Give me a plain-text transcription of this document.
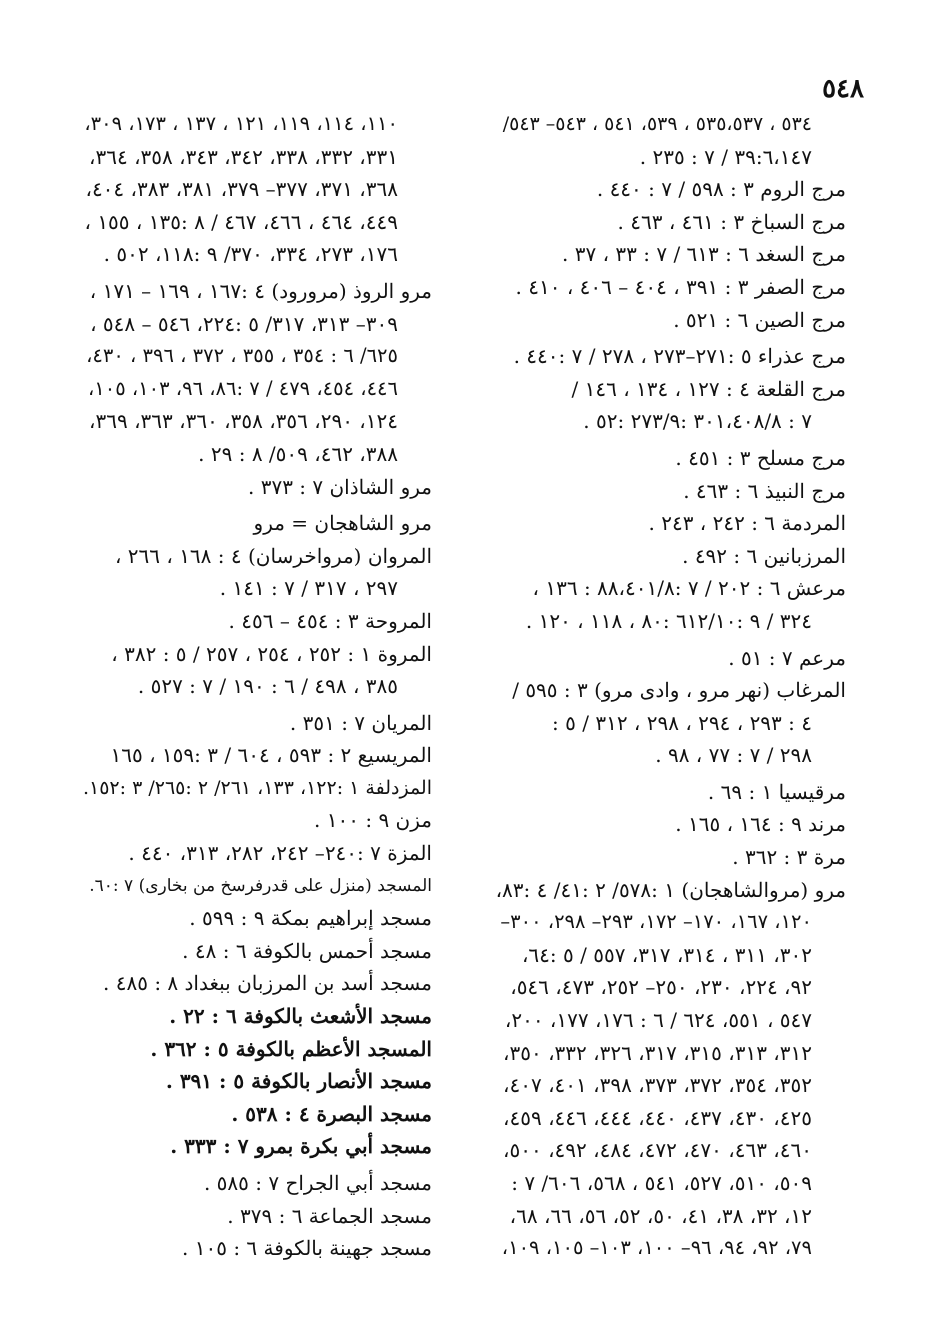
٥٤٨
٥٣٤ ، ٥٣٥،٥٣٧ ، ٥٣٩، ٥٤١ ، ٥٤٣– ٥٤٣/
٣٩:٦،١٤٧ / ٧ : ٢٣٥ .
مرج الروم ٣ : ٥٩٨ / ٧ : ٤٤٠ .
مرج السباخ ٣ : ٤٦١ ، ٤٦٣ .
مرج السغد ٦ : ٦١٣ / ٧ : ٣٣ ، ٣٧ .
مرج الصفر ٣ : ٣٩١ ، ٤٠٤ – ٤٠٦ ، ٤١٠ .
مرج الصين ٦ : ٥٢١ .
مرج عذراء ٥ :٢٧١–٢٧٣ ، ٢٧٨ / ٧ :٤٤٠ .
مرج القلعة ٤ : ١٢٧ ، ١٣٤ ، ١٤٦ /
٧ : ٣٠١،٤٠٨/٨ :٢٧٣/٩ :٥٢ .
مرج مسلح ٣ : ٤٥١ .
مرج النبيذ ٦ : ٤٦٣ .
المردمة ٦ : ٢٤٢ ، ٢٤٣ .
المرزبانين ٦ : ٤٩٢ .
مرعش ٦ : ٢٠٢ / ٧ :٨٨،٤٠١/٨ : ١٣٦ ،
٣٢٤ / ٩ :٦١٢/١٠ :٨٠ ، ١١٨ ، ١٢٠ .
مرعم ٧ : ٥١ .
المرغاب (نهر مرو ، وادى مرو) ٣ : ٥٩٥ /
٤ : ٢٩٣ ، ٢٩٤ ، ٢٩٨ ، ٣١٢ / ٥ :
٢٩٨ / ٧ : ٧٧ ، ٩٨ .
مرقيسيا ١ : ٦٩ .
مرند ٩ : ١٦٤ ، ١٦٥ .
مرة ٣ : ٣٦٢ .
مرو (مروالشاهجان) ١ :٥٧٨/ ٢ :٤١/ ٤ :٨٣،
١٢٠، ١٦٧، ١٧٠– ١٧٢، ٢٩٣– ٢٩٨، ٣٠٠–
٣٠٢، ٣١١ ، ٣١٤، ٣١٧، ٥٥٧ / ٥ :٦٤،
٩٢، ٢٢٤، ٢٣٠، ٢٥٠– ٢٥٢، ٤٧٣، ٥٤٦،
٥٤٧ ، ٥٥١، ٦٢٤ / ٦ : ١٧٦، ١٧٧، ٢٠٠،
٣١٢، ٣١٣، ٣١٥، ٣١٧، ٣٢٦، ٣٣٢، ٣٥٠،
٣٥٢، ٣٥٤، ٣٧٢، ٣٧٣، ٣٩٨، ٤٠١، ٤٠٧،
٤٢٥، ٤٣٠، ٤٣٧، ٤٤٠، ٤٤٤، ٤٤٦، ٤٥٩،
٤٦٠، ٤٦٣، ٤٧٠، ٤٧٢، ٤٨٤، ٤٩٢، ٥٠٠،
٥٠٩، ٥١٠، ٥٢٧، ٥٤١ ، ٥٦٨، ٦٠٦/ ٧ :
١٢، ٣٢، ٣٨، ٤١، ٥٠، ٥٢، ٥٦، ٦٦، ٦٨،
٧٩، ٩٢، ٩٤، ٩٦– ١٠٠، ١٠٣– ١٠٥، ١٠٩،
١١٠، ١١٤، ١١٩، ١٢١ ، ١٣٧ ، ١٧٣، ٣٠٩،
٣٣١، ٣٣٢، ٣٣٨، ٣٤٢، ٣٤٣، ٣٥٨، ٣٦٤،
٣٦٨، ٣٧١، ٣٧٧– ٣٧٩، ٣٨١، ٣٨٣، ٤٠٤،
٤٤٩، ٤٦٤ ، ٤٦٦، ٤٦٧ / ٨ :١٣٥ ، ١٥٥ ،
١٧٦، ٢٧٣، ٣٣٤، ٣٧٠/ ٩ :١١٨، ٥٠٢ .
مرو الروذ (مرورود) ٤ :١٦٧ ، ١٦٩ – ١٧١ ،
٣٠٩– ٣١٣، ٣١٧/ ٥ :٢٢٤، ٥٤٦ – ٥٤٨ ،
٦٢٥/ ٦ : ٣٥٤ ، ٣٥٥ ، ٣٧٢ ، ٣٩٦ ، ٤٣٠،
٤٤٦، ٤٥٤، ٤٧٩ / ٧ :٨٦، ٩٦، ١٠٣، ١٠٥،
١٢٤، ٢٩٠، ٣٥٦، ٣٥٨، ٣٦٠، ٣٦٣، ٣٦٩،
٣٨٨، ٤٦٢، ٥٠٩/ ٨ : ٢٩ .
مرو الشاذان ٧ : ٣٧٣ .
مرو الشاهجان = مرو
المروان (مرواخرسان) ٤ : ١٦٨ ، ٢٦٦ ،
٢٩٧ ، ٣١٧ / ٧ : ١٤١ .
المروحة ٣ : ٤٥٤ – ٤٥٦ .
المروة ١ : ٢٥٢ ، ٢٥٤ ، ٢٥٧ / ٥ : ٣٨٢ ،
٣٨٥ ، ٤٩٨ / ٦ : ١٩٠ / ٧ : ٥٢٧ .
المريان ٧ : ٣٥١ .
المريسيع ٢ : ٥٩٣ ، ٦٠٤ / ٣ :١٥٩ ، ١٦٥
المزدلفة ١ :١٢٢، ١٣٣، ٢٦١/ ٢ :٢٦٥/ ٣ :١٥٢.
مزن ٩ : ١٠٠ .
المزة ٧ :٢٤٠– ٢٤٢، ٢٨٢، ٣١٣، ٤٤٠ .
المسجد (منزل على قدرفرسخ من بخارى) ٧ :٦٠.
مسجد إبراهيم بمكة ٩ : ٥٩٩ .
مسجد أحمس بالكوفة ٦ : ٤٨ .
مسجد أسد بن المرزبان ببغداد ٨ : ٤٨٥ .
مسجد الأشعث بالكوفة ٦ : ٢٢ .
المسجد الأعظم بالكوفة ٥ : ٣٦٢ .
مسجد الأنصار بالكوفة ٥ : ٣٩١ .
مسجد البصرة ٤ : ٥٣٨ .
مسجد أبي بكرة بمرو ٧ : ٣٣٣ .
مسجد أبي الجراح ٧ : ٥٨٥ .
مسجد الجماعة ٦ : ٣٧٩ .
مسجد جهينة بالكوفة ٦ : ١٠٥ .
